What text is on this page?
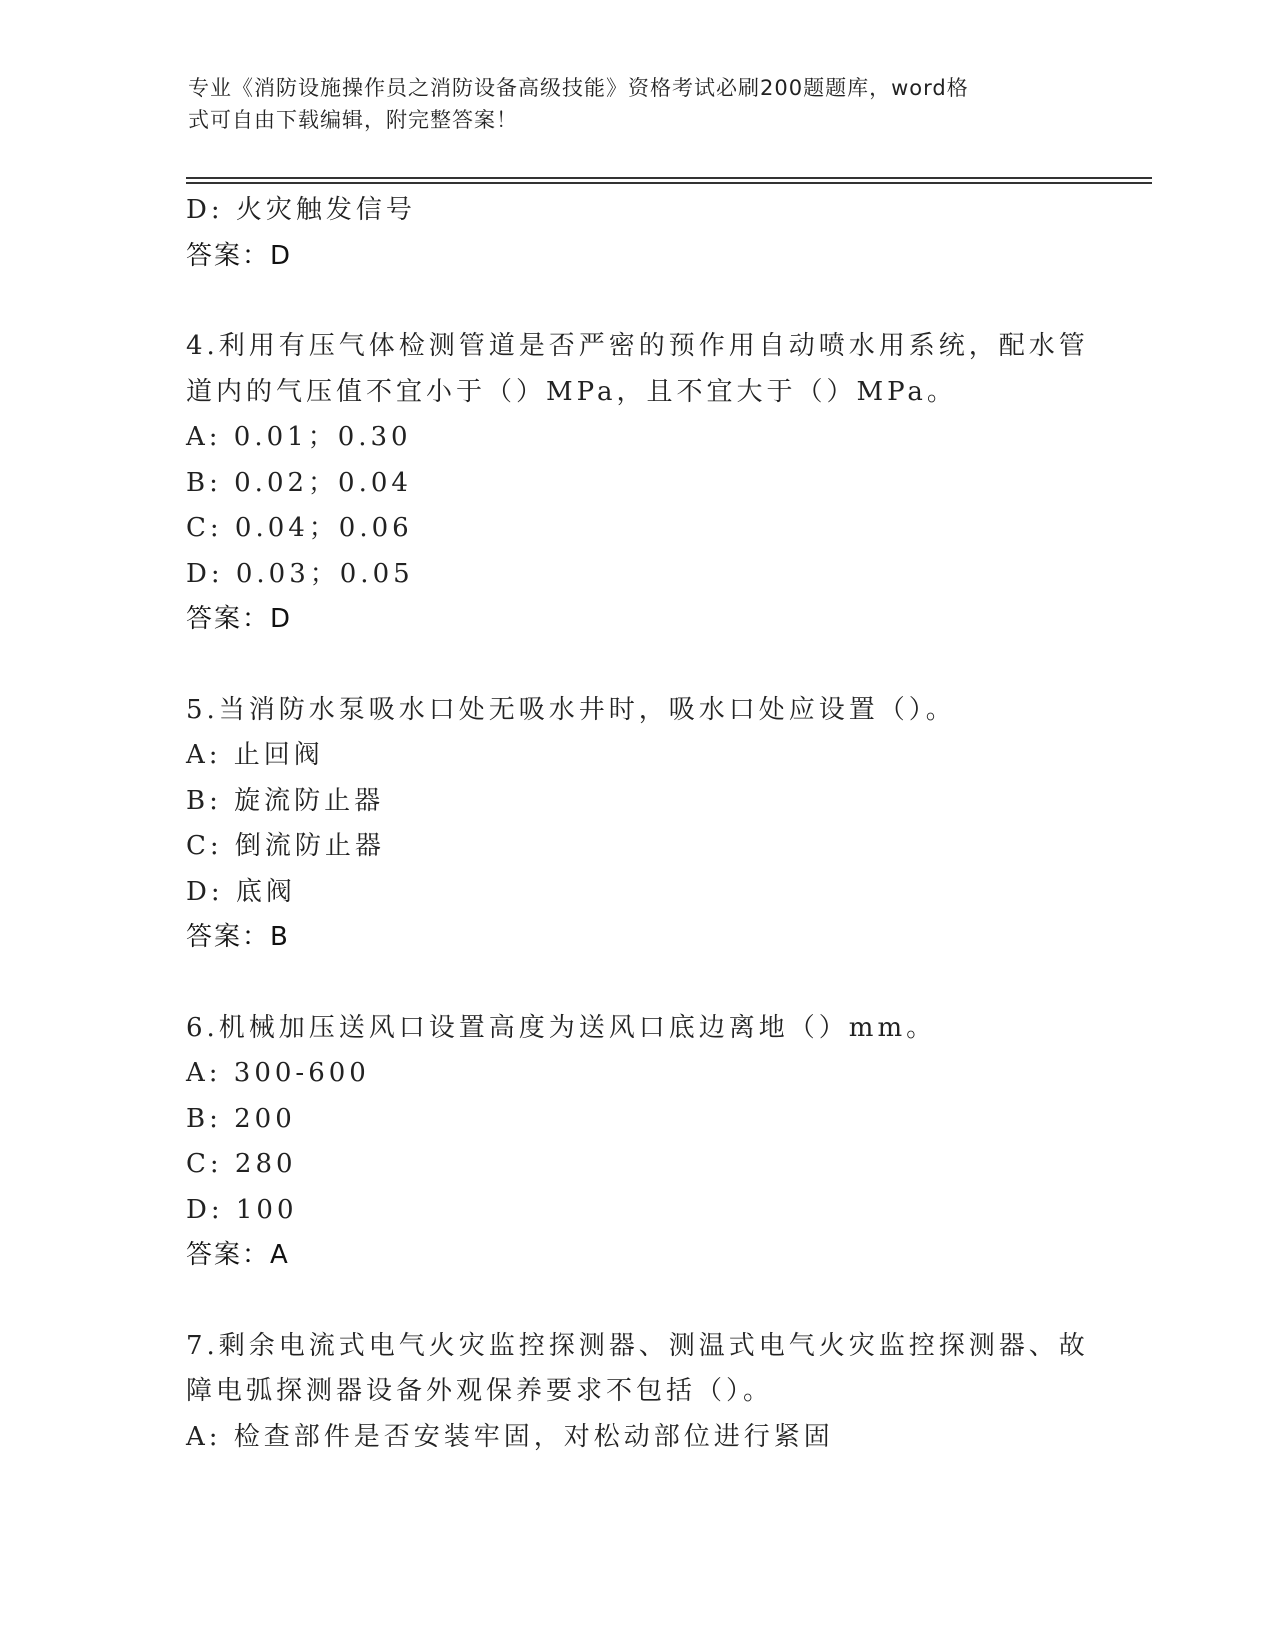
专业《消防设施操作员之消防设备高级技能》资格考试必刷200题题库，word格
式可自由下载编辑，附完整答案！
D: 火灾触发信号
答案：D
4.利用有压气体检测管道是否严密的预作用自动喷水用系统，配水管
道内的气压值不宜小于（）MPa，且不宜大于（）MPa。
A: 0.01；0.30
B: 0.02；0.04
C: 0.04；0.06
D: 0.03；0.05
答案：D
5.当消防水泵吸水口处无吸水井时，吸水口处应设置（）。
A: 止回阀
B: 旋流防止器
C: 倒流防止器
D: 底阀
答案：B
6.机械加压送风口设置高度为送风口底边离地（）mm。
A: 300-600
B: 200
C: 280
D: 100
答案：A
7.剩余电流式电气火灾监控探测器、测温式电气火灾监控探测器、故
障电弧探测器设备外观保养要求不包括（）。
A: 检查部件是否安装牢固，对松动部位进行紧固
